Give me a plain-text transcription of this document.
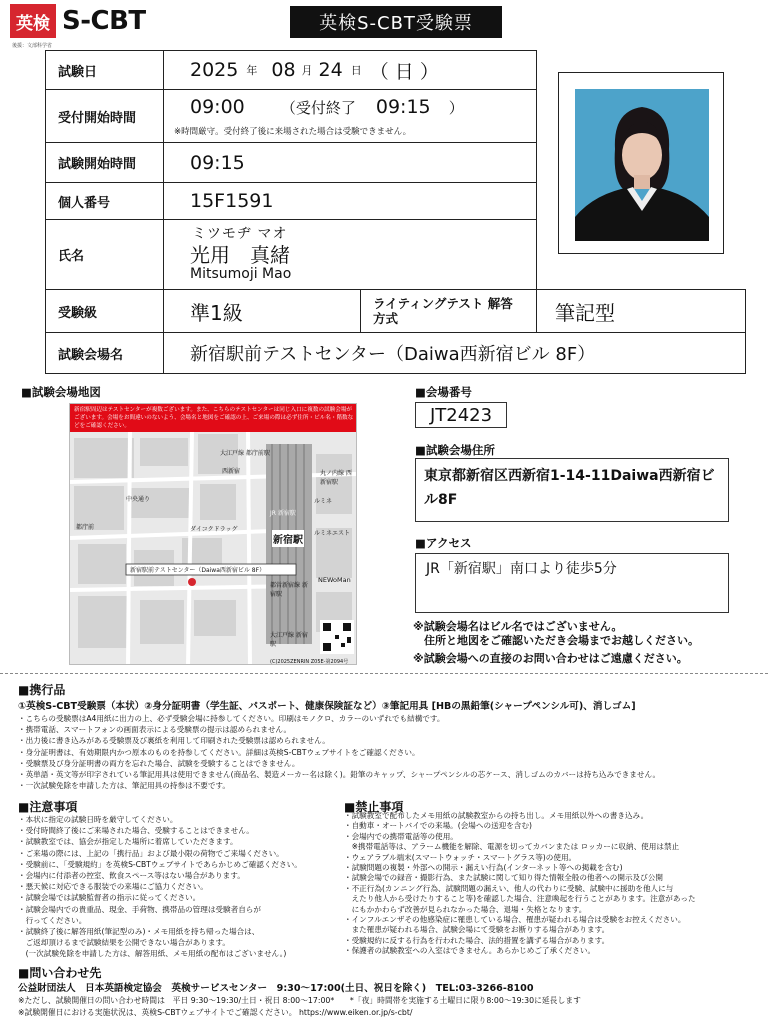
英検 S-CBT
後援：文部科学省
英検S-CBT受験票
試験日	2025 年 08 月 24 日 （ 日 ）
受付開始時間	09:00 （受付終了 09:15 ）
※時間厳守。受付終了後に来場された場合は受験できません。
試験開始時間	09:15
個人番号	15F1591
氏名
ミツモヂ マオ
光用　真緒
Mitsumoji Mao
受験級	準1級	ライティングテスト 解答方式	筆記型
試験会場名	新宿駅前テストセンター（Daiwa西新宿ビル 8F）
■試験会場地図
新宿駅周辺はテストセンターが複数ございます。また、こちらのテストセンターは同じ入口に複数の試験会場がございます。会場をお間違いのないよう、会場名と地図をご確認の上、ご来場の際は必ず住所・ビル名・階数などをご確認ください。
大江戸線 都庁前駅
西新宿	丸ノ内線 西新宿駅
都庁前
中央通り
JR 新宿駅
新宿駅
ダイコクドラッグ
都営新宿線 新宿駅
大江戸線 新宿駅
新宿駅前テストセンター（Daiwa西新宿ビル 8F）
ルミネエスト
ルミネ
NEWoMan
(C)2025ZENRIN Z05E-第2094号
■会場番号
JT2423
■試験会場住所
東京都新宿区西新宿1-14-11Daiwa西新宿ビル8F
■アクセス
JR「新宿駅」南口より徒歩5分
※試験会場名はビル名ではございません。
　住所と地図をご確認いただき会場までお越しください。
※試験会場への直接のお問い合わせはご遠慮ください。
■携行品
①英検S-CBT受験票（本状）②身分証明書（学生証、パスポート、健康保険証など）③筆記用具 [HBの黒鉛筆(シャープペンシル可)、消しゴム]
・こちらの受験票はA4用紙に出力の上、必ず受験会場に持参してください。印刷はモノクロ、カラーのいずれでも結構です。
・携帯電話、スマートフォンの画面表示による受験票の提示は認められません。
・出力後に書き込みがある受験票及び裏紙を利用して印刷された受験票は認められません。
・身分証明書は、有効期限内かつ原本のものを持参してください。詳細は英検S-CBTウェブサイトをご確認ください。
・受験票及び身分証明書の両方を忘れた場合、試験を受験することはできません。
・英単語・英文等が印字されている筆記用具は使用できません(商品名、製造メーカー名は除く)。鉛筆のキャップ、シャープペンシルの芯ケース、消しゴムのカバーは持ち込みできません。
・一次試験免除を申請した方は、筆記用具の持参は不要です。
■注意事項
・本状に指定の試験日時を厳守してください。
・受付時間終了後にご来場された場合、受験することはできません。
・試験教室では、協会が指定した場所に着席していただきます。
・ご来場の際には、上記の「携行品」および最小限の荷物でご来場ください。
・受験前に、「受験規約」を英検S-CBTウェブサイトであらかじめご確認ください。
・会場内に付添者の控室、飲食スペース等はない場合があります。
・悪天候に対応できる服装での来場にご協力ください。
・試験会場では試験監督者の指示に従ってください。
・試験会場内での貴重品、現金、手荷物、携帯品の管理は受験者自らが
　行ってください。
・試験終了後に解答用紙(筆記型のみ)・メモ用紙を持ち帰った場合は、
　ご返却頂けるまで試験結果を公開できない場合があります。
　(一次試験免除を申請した方は、解答用紙、メモ用紙の配布はございません。)
■禁止事項
・試験教室で配布したメモ用紙の試験教室からの持ち出し。メモ用紙以外への書き込み。
・自動車・オートバイでの来場。(会場への送迎を含む)
・会場内での携帯電話等の使用。
　※携帯電話等は、アラーム機能を解除、電源を切ってカバンまたは ロッカーに収納、使用は禁止
・ウェアラブル端末(スマートウォッチ・スマートグラス等)の使用。
・試験問題の複製・外部への開示・漏えい行為(インターネット等への掲載を含む)
・試験会場での録音・撮影行為、また試験に関して知り得た情報全般の他者への開示及び公開
・不正行為(カンニング行為、試験問題の漏えい、他人の代わりに受験、試験中に援助を他人に与
　えたり他人から受けたりすること等)を確認した場合、注意喚起を行うことがあります。注意があった
　にもかかわらず改善が見られなかった場合、退場・失格となります。
・インフルエンザその他感染症に罹患している場合、罹患が疑われる場合は受験をお控えください。
　また罹患が疑われる場合、試験会場にて受験をお断りする場合があります。
・受験規約に反する行為を行われた場合、法的措置を講ずる場合があります。
・保護者の試験教室への入室はできません。あらかじめご了承ください。
■問い合わせ先
公益財団法人　日本英語検定協会　英検サービスセンター　9:30～17:00(土日、祝日を除く)　TEL:03-3266-8100
※ただし、試験開催日の問い合わせ時間は　平日 9:30～19:30/土日・祝日 8:00～17:00*　　*「夜」時間帯を実施する土曜日に限り8:00～19:30に延長します
※試験開催日における実施状況は、英検S-CBTウェブサイトでご確認ください。 https://www.eiken.or.jp/s-cbt/
